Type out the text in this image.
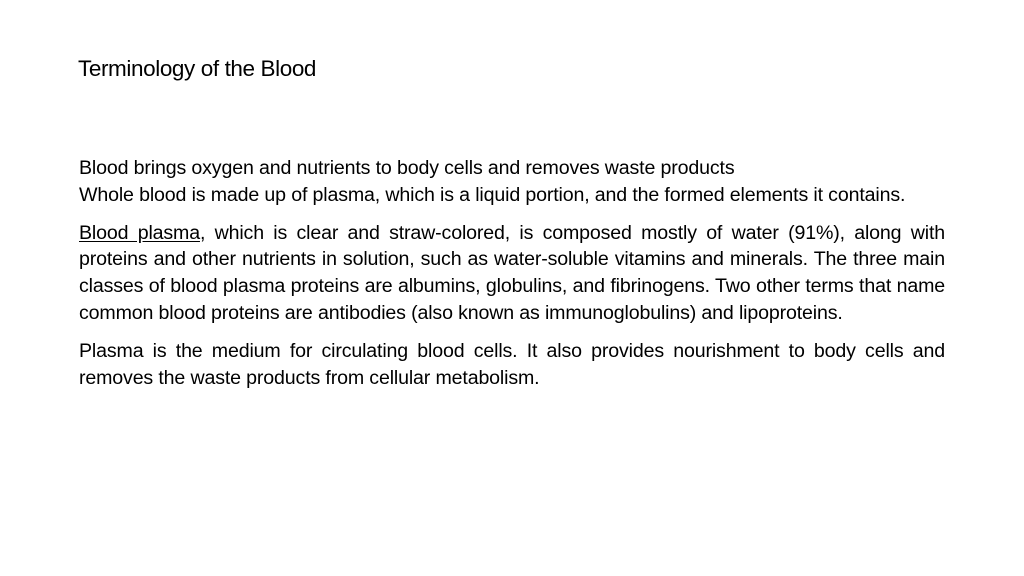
Terminology of the Blood

Blood brings oxygen and nutrients to body cells and removes waste products
Whole blood is made up of plasma, which is a liquid portion, and the formed elements it contains.

Blood plasma, which is clear and straw-colored, is composed mostly of water (91%), along with proteins and other nutrients in solution, such as water-soluble vitamins and minerals. The three main classes of blood plasma proteins are albumins, globulins, and fibrinogens. Two other terms that name common blood proteins are antibodies (also known as immunoglobulins) and lipoproteins.

Plasma is the medium for circulating blood cells. It also provides nourishment to body cells and removes the waste products from cellular metabolism.
